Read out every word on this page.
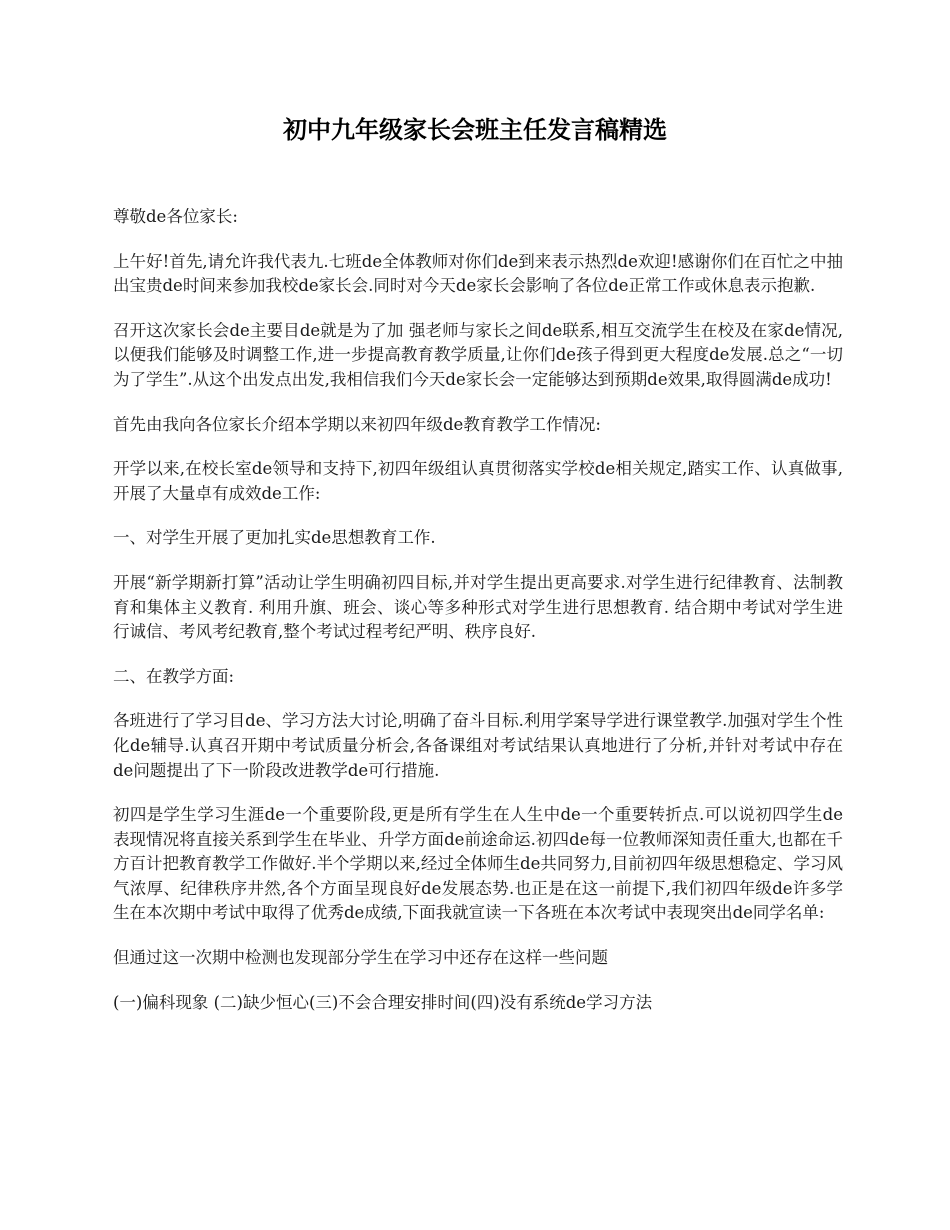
初中九年级家长会班主任发言稿精选

尊敬de各位家长:

上午好!首先,请允许我代表九.七班de全体教师对你们de到来表示热烈de欢迎!感谢你们在百忙之中抽出宝贵de时间来参加我校de家长会.同时对今天de家长会影响了各位de正常工作或休息表示抱歉.

召开这次家长会de主要目de就是为了加 强老师与家长之间de联系,相互交流学生在校及在家de情况,以便我们能够及时调整工作,进一步提高教育教学质量,让你们de孩子得到更大程度de发展.总之“一切为了学生”.从这个出发点出发,我相信我们今天de家长会一定能够达到预期de效果,取得圆满de成功!

首先由我向各位家长介绍本学期以来初四年级de教育教学工作情况:

开学以来,在校长室de领导和支持下,初四年级组认真贯彻落实学校de相关规定,踏实工作、认真做事,开展了大量卓有成效de工作:

一、对学生开展了更加扎实de思想教育工作.

开展“新学期新打算”活动让学生明确初四目标,并对学生提出更高要求.对学生进行纪律教育、法制教育和集体主义教育. 利用升旗、班会、谈心等多种形式对学生进行思想教育. 结合期中考试对学生进行诚信、考风考纪教育,整个考试过程考纪严明、秩序良好.

二、在教学方面:

各班进行了学习目de、学习方法大讨论,明确了奋斗目标.利用学案导学进行课堂教学.加强对学生个性化de辅导.认真召开期中考试质量分析会,各备课组对考试结果认真地进行了分析,并针对考试中存在de问题提出了下一阶段改进教学de可行措施.

初四是学生学习生涯de一个重要阶段,更是所有学生在人生中de一个重要转折点.可以说初四学生de表现情况将直接关系到学生在毕业、升学方面de前途命运.初四de每一位教师深知责任重大,也都在千方百计把教育教学工作做好.半个学期以来,经过全体师生de共同努力,目前初四年级思想稳定、学习风气浓厚、纪律秩序井然,各个方面呈现良好de发展态势.也正是在这一前提下,我们初四年级de许多学生在本次期中考试中取得了优秀de成绩,下面我就宣读一下各班在本次考试中表现突出de同学名单:

但通过这一次期中检测也发现部分学生在学习中还存在这样一些问题

(一)偏科现象 (二)缺少恒心(三)不会合理安排时间(四)没有系统de学习方法
